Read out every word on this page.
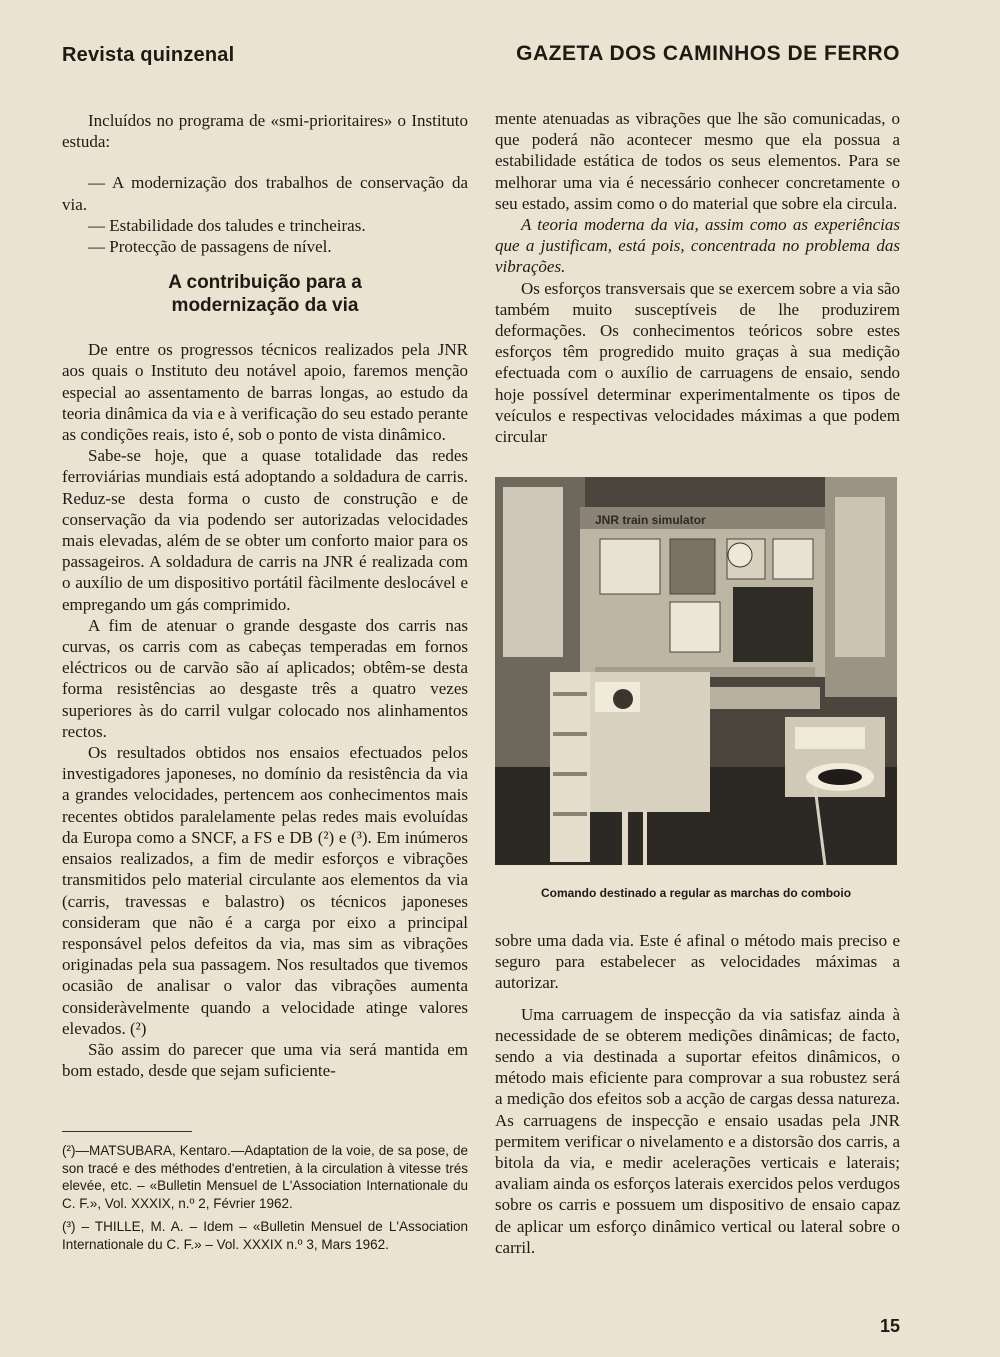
Revista quinzenal	GAZETA DOS CAMINHOS DE FERRO

Incluídos no programa de «smi-prioritaires» o Instituto estuda:

— A modernização dos trabalhos de conservação da via.

— Estabilidade dos taludes e trincheiras.

— Protecção de passagens de nível.

A contribuição para a
modernização da via

De entre os progressos técnicos realizados pela JNR aos quais o Instituto deu notável apoio, faremos menção especial ao assentamento de barras longas, ao estudo da teoria dinâmica da via e à verificação do seu estado perante as condições reais, isto é, sob o ponto de vista dinâmico.

Sabe-se hoje, que a quase totalidade das redes ferroviárias mundiais está adoptando a soldadura de carris. Reduz-se desta forma o custo de construção e de conservação da via podendo ser autorizadas velocidades mais elevadas, além de se obter um conforto maior para os passageiros. A soldadura de carris na JNR é realizada com o auxílio de um dispositivo portátil fàcilmente deslocável e empregando um gás comprimido.

A fim de atenuar o grande desgaste dos carris nas curvas, os carris com as cabeças temperadas em fornos eléctricos ou de carvão são aí aplicados; obtêm-se desta forma resistências ao desgaste três a quatro vezes superiores às do carril vulgar colocado nos alinhamentos rectos.

Os resultados obtidos nos ensaios efectuados pelos investigadores japoneses, no domínio da resistência da via a grandes velocidades, pertencem aos conhecimentos mais recentes obtidos paralelamente pelas redes mais evoluídas da Europa como a SNCF, a FS e DB (²) e (³). Em inúmeros ensaios realizados, a fim de medir esforços e vibrações transmitidos pelo material circulante aos elementos da via (carris, travessas e balastro) os técnicos japoneses consideram que não é a carga por eixo a principal responsável pelos defeitos da via, mas sim as vibrações originadas pela sua passagem. Nos resultados que tivemos ocasião de analisar o valor das vibrações aumenta consideràvelmente quando a velocidade atinge valores elevados. (²)

São assim do parecer que uma via será mantida em bom estado, desde que sejam suficiente-

(²)—MATSUBARA, Kentaro.—Adaptation de la voie, de sa pose, de son tracé e des méthodes d'entretien, à la circulation à vitesse trés elevée, etc. – «Bulletin Mensuel de L'Association Internationale du C. F.», Vol. XXXIX, n.º 2, Février 1962.

(³) – THILLE, M. A. – Idem – «Bulletin Mensuel de L'Association Internationale du C. F.» – Vol. XXXIX n.º 3, Mars 1962.

mente atenuadas as vibrações que lhe são comunicadas, o que poderá não acontecer mesmo que ela possua a estabilidade estática de todos os seus elementos. Para se melhorar uma via é necessário conhecer concretamente o seu estado, assim como o do material que sobre ela circula.

A teoria moderna da via, assim como as experiências que a justificam, está pois, concentrada no problema das vibrações.

Os esforços transversais que se exercem sobre a via são também muito susceptíveis de lhe produzirem deformações. Os conhecimentos teóricos sobre estes esforços têm progredido muito graças à sua medição efectuada com o auxílio de carruagens de ensaio, sendo hoje possível determinar experimentalmente os tipos de veículos e respectivas velocidades máximas a que podem circular

JNR train simulator
Comando destinado a regular as marchas do comboio

sobre uma dada via. Este é afinal o método mais preciso e seguro para estabelecer as velocidades máximas a autorizar.

Uma carruagem de inspecção da via satisfaz ainda à necessidade de se obterem medições dinâmicas; de facto, sendo a via destinada a suportar efeitos dinâmicos, o método mais eficiente para comprovar a sua robustez será a medição dos efeitos sob a acção de cargas dessa natureza. As carruagens de inspecção e ensaio usadas pela JNR permitem verificar o nivelamento e a distorsão dos carris, a bitola da via, e medir acelerações verticais e laterais; avaliam ainda os esforços laterais exercidos pelos verdugos sobre os carris e possuem um dispositivo de ensaio capaz de aplicar um esforço dinâmico vertical ou lateral sobre o carril.

15
